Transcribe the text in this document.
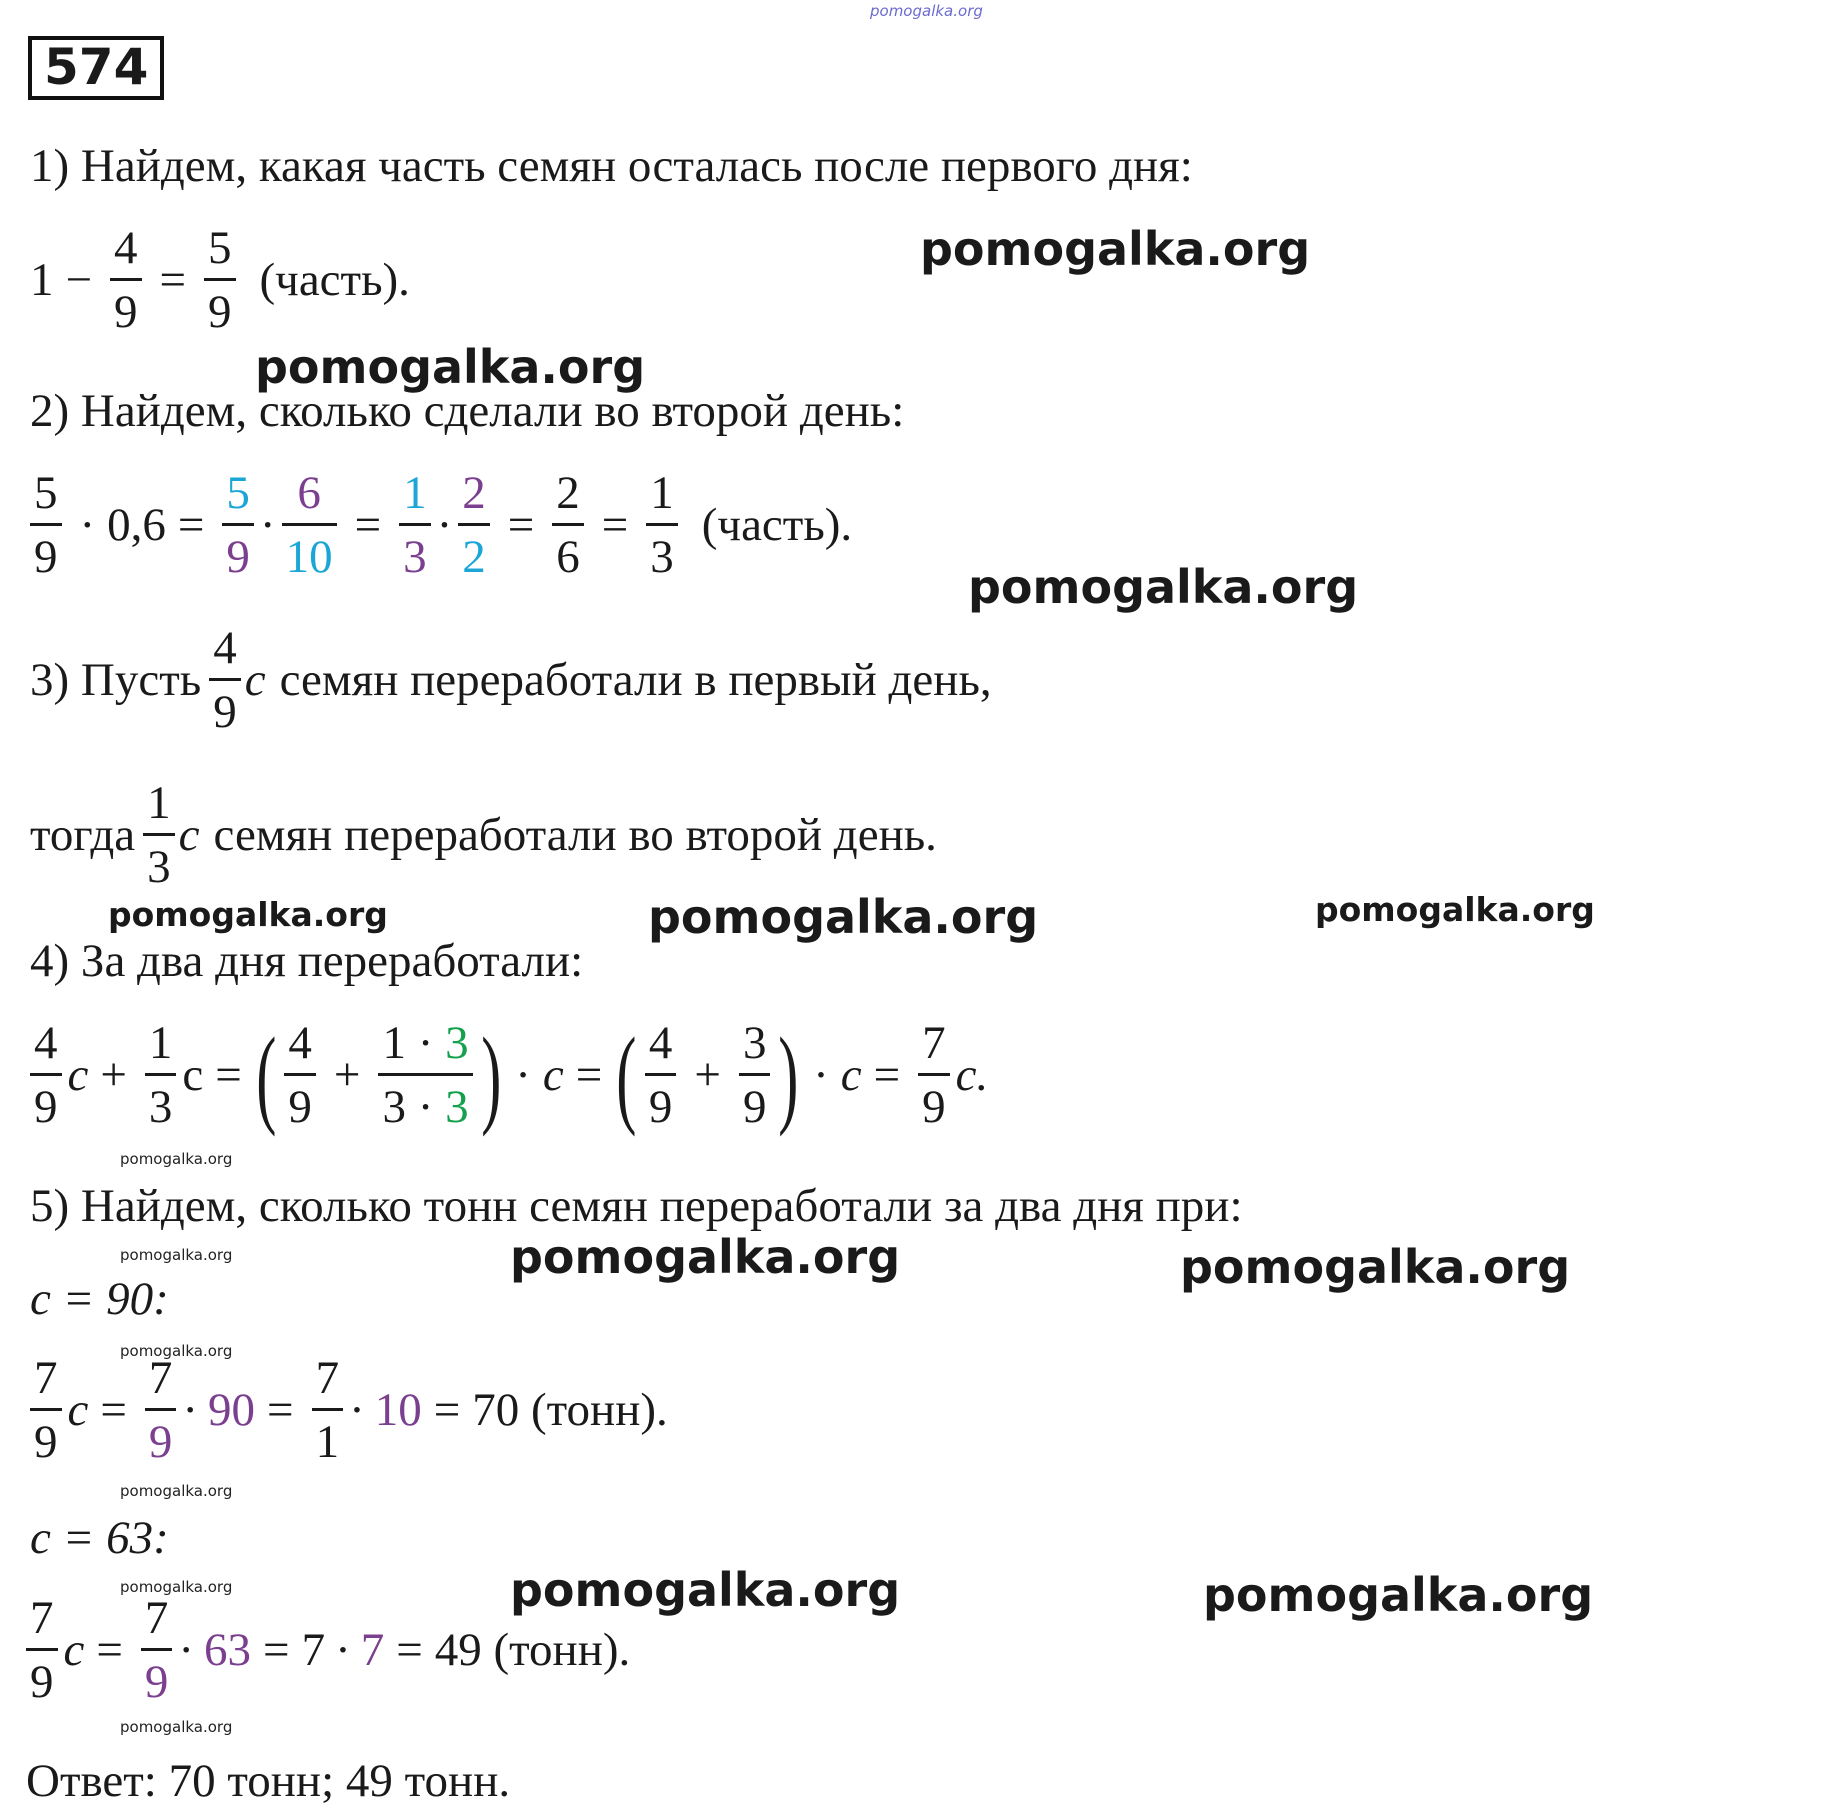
pomogalka.org
574
1) Найдем, какая часть семян осталась после первого дня:
$1 - \frac{4}{9} = \frac{5}{9}$ (часть).
pomogalka.org
pomogalka.org
2) Найдем, сколько сделали во второй день:
$\frac{5}{9} \cdot 0,6 = \frac{5}{9} \cdot \frac{6}{10} = \frac{1}{3} \cdot \frac{2}{2} = \frac{2}{6} = \frac{1}{3}$ (часть).
pomogalka.org
3) Пусть $\frac{4}{9}$ c семян переработали в первый день,
тогда $\frac{1}{3}$ c семян переработали во второй день.
pomogalka.org	pomogalka.org	pomogalka.org
4) За два дня переработали:
$\frac{4}{9}$ $c + \frac{1}{3}$ c = ( $\frac{4}{9} + \frac{1 \cdot 3}{3 \cdot 3}$ ) · c = ( $\frac{4}{9} + \frac{3}{9}$ ) · $c = \frac{7}{9} c$.
pomogalka.org
5) Найдем, сколько тонн семян переработали за два дня при:
pomogalka.org	pomogalka.org	pomogalka.org
c = 90:
pomogalka.org
$\frac{7}{9}$ $c = \frac{7}{9} \cdot 90 = \frac{7}{1} \cdot 10 = 70$ (тонн).
pomogalka.org
c = 63:
pomogalka.org	pomogalka.org	pomogalka.org
$\frac{7}{9}$ $c = \frac{7}{9} \cdot 63 = 7 \cdot 7 = 49$ (тонн).
pomogalka.org
Ответ: 70 тонн; 49 тонн.
